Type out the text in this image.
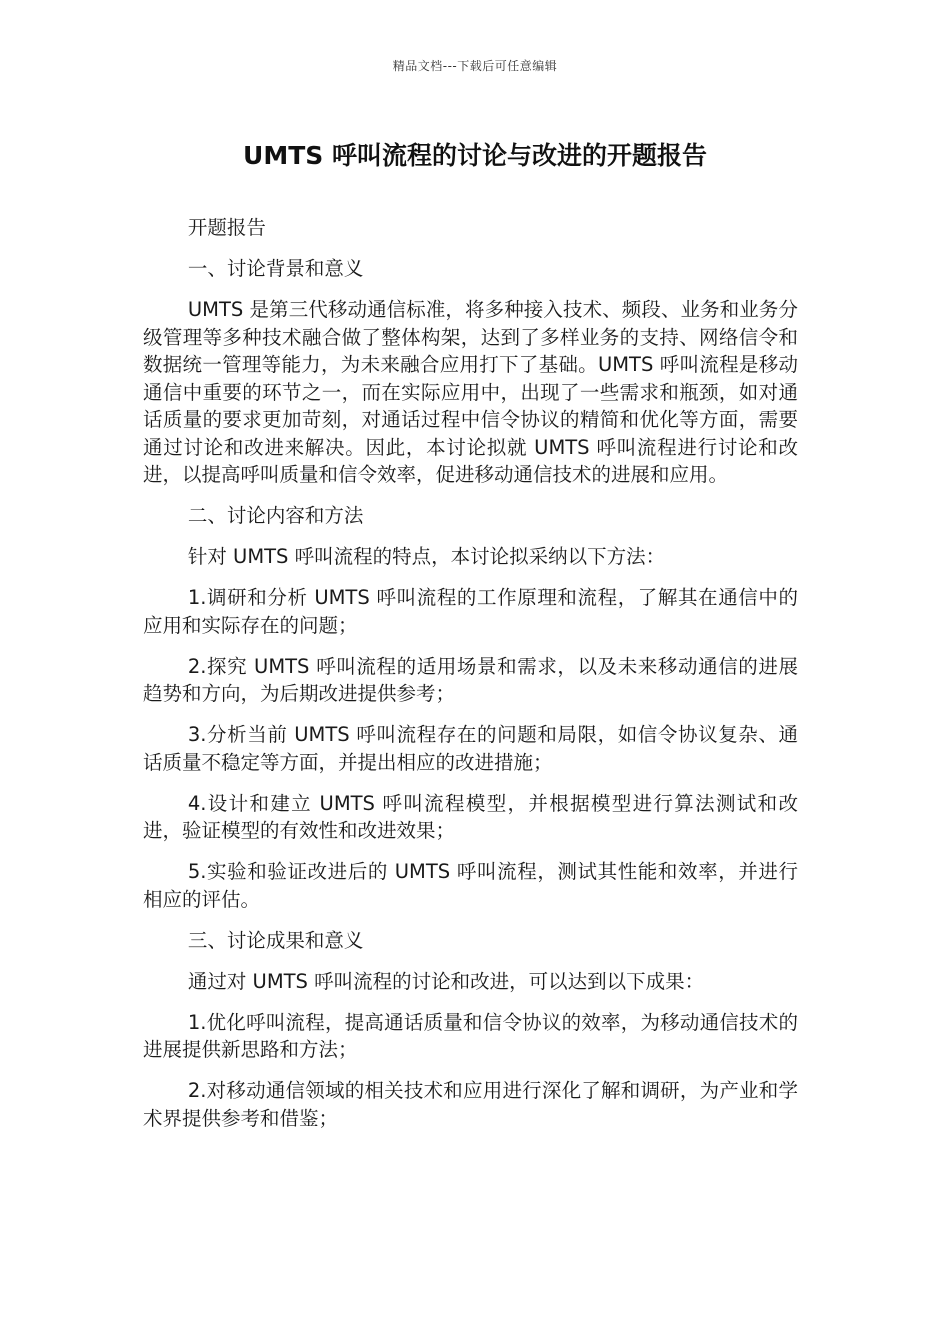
精品文档---下载后可任意编辑
UMTS 呼叫流程的讨论与改进的开题报告

开题报告

一、讨论背景和意义

UMTS 是第三代移动通信标准，将多种接入技术、频段、业务和业务分级管理等多种技术融合做了整体构架，达到了多样业务的支持、网络信令和数据统一管理等能力，为未来融合应用打下了基础。UMTS 呼叫流程是移动通信中重要的环节之一，而在实际应用中，出现了一些需求和瓶颈，如对通话质量的要求更加苛刻，对通话过程中信令协议的精简和优化等方面，需要通过讨论和改进来解决。因此，本讨论拟就 UMTS 呼叫流程进行讨论和改进，以提高呼叫质量和信令效率，促进移动通信技术的进展和应用。

二、讨论内容和方法

针对 UMTS 呼叫流程的特点，本讨论拟采纳以下方法：

1.调研和分析 UMTS 呼叫流程的工作原理和流程，了解其在通信中的应用和实际存在的问题；

2.探究 UMTS 呼叫流程的适用场景和需求，以及未来移动通信的进展趋势和方向，为后期改进提供参考；

3.分析当前 UMTS 呼叫流程存在的问题和局限，如信令协议复杂、通话质量不稳定等方面，并提出相应的改进措施；

4.设计和建立 UMTS 呼叫流程模型，并根据模型进行算法测试和改进，验证模型的有效性和改进效果；

5.实验和验证改进后的 UMTS 呼叫流程，测试其性能和效率，并进行相应的评估。

三、讨论成果和意义

通过对 UMTS 呼叫流程的讨论和改进，可以达到以下成果：

1.优化呼叫流程，提高通话质量和信令协议的效率，为移动通信技术的进展提供新思路和方法；

2.对移动通信领域的相关技术和应用进行深化了解和调研，为产业和学术界提供参考和借鉴；
